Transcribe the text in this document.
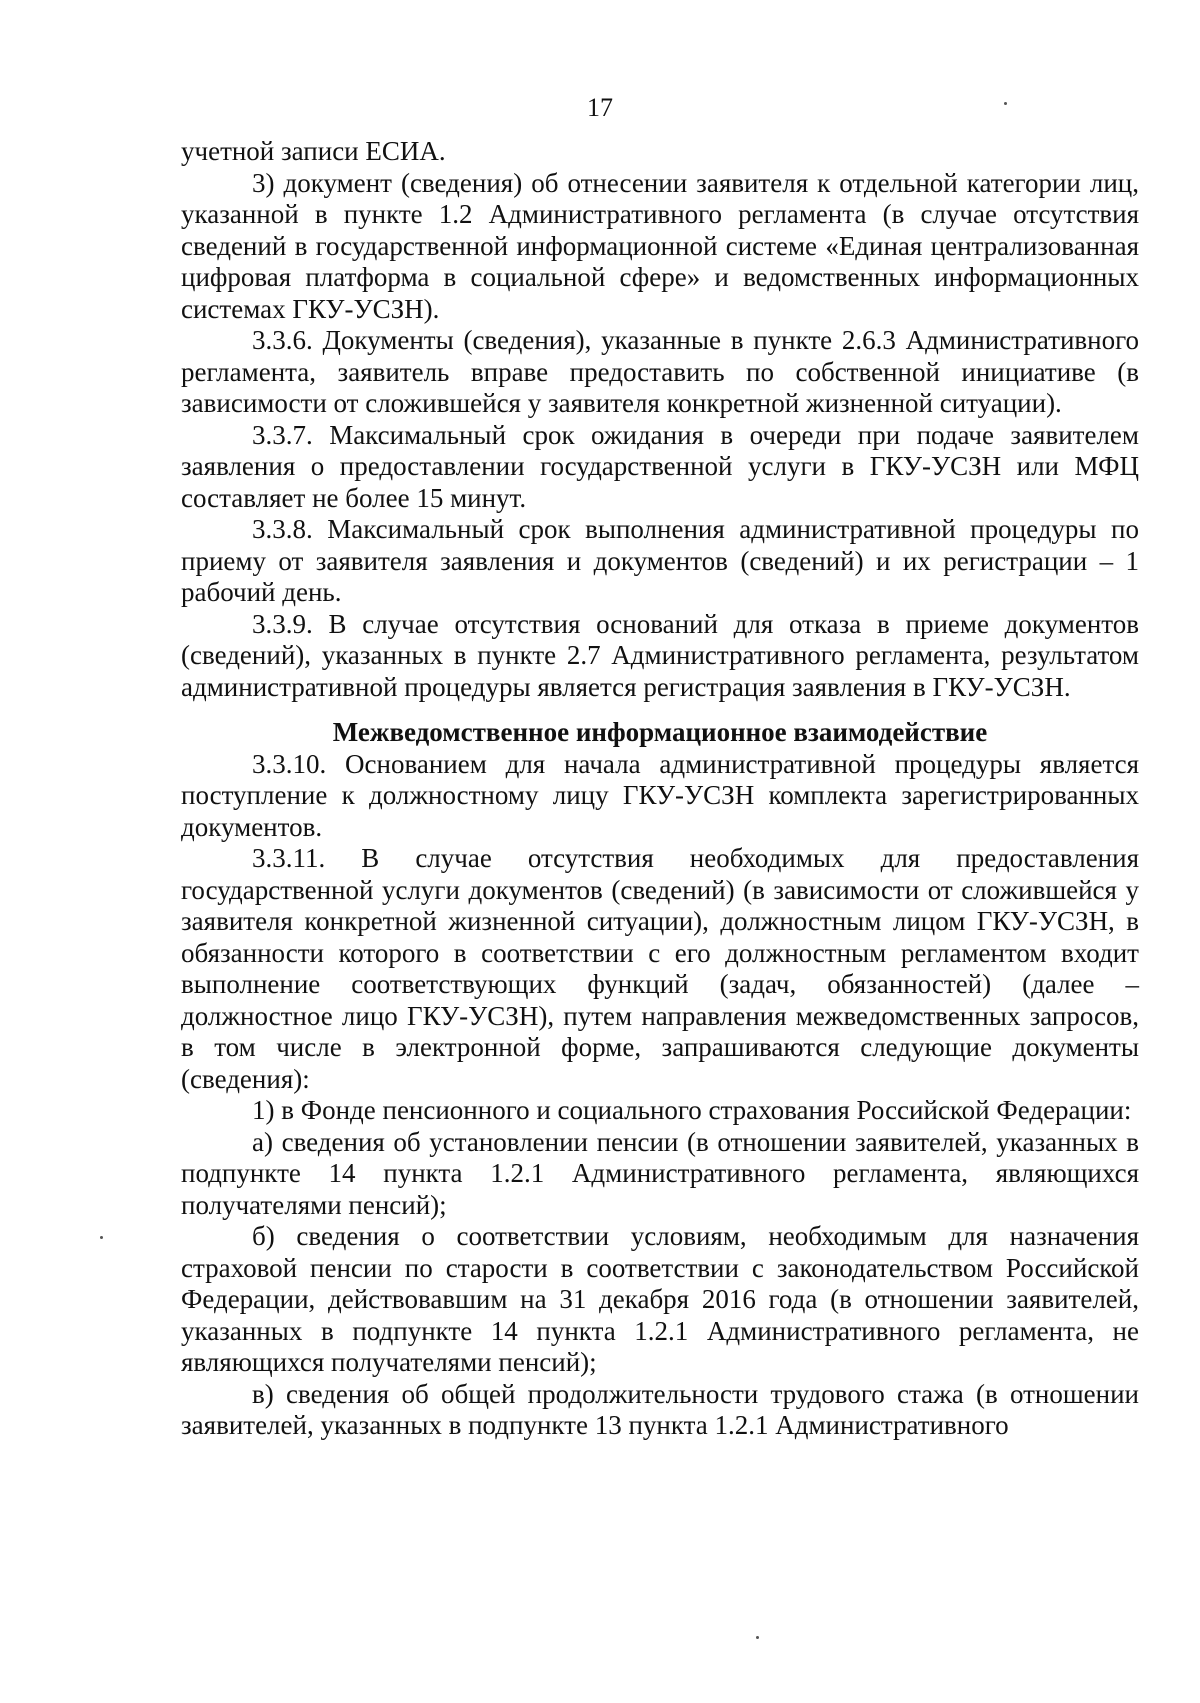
17

учетной записи ЕСИА.

3) документ (сведения) об отнесении заявителя к отдельной категории лиц, указанной в пункте 1.2 Административного регламента (в случае отсутствия сведений в государственной информационной системе «Единая централизованная цифровая платформа в социальной сфере» и ведомственных информационных системах ГКУ-УСЗН).

3.3.6. Документы (сведения), указанные в пункте 2.6.3 Административного регламента, заявитель вправе предоставить по собственной инициативе (в зависимости от сложившейся у заявителя конкретной жизненной ситуации).

3.3.7. Максимальный срок ожидания в очереди при подаче заявителем заявления о предоставлении государственной услуги в ГКУ-УСЗН или МФЦ составляет не более 15 минут.

3.3.8. Максимальный срок выполнения административной процедуры по приему от заявителя заявления и документов (сведений) и их регистрации – 1 рабочий день.

3.3.9. В случае отсутствия оснований для отказа в приеме документов (сведений), указанных в пункте 2.7 Административного регламента, результатом административной процедуры является регистрация заявления в ГКУ-УСЗН.

Межведомственное информационное взаимодействие

3.3.10. Основанием для начала административной процедуры является поступление к должностному лицу ГКУ-УСЗН комплекта зарегистрированных документов.

3.3.11. В случае отсутствия необходимых для предоставления государственной услуги документов (сведений) (в зависимости от сложившейся у заявителя конкретной жизненной ситуации), должностным лицом ГКУ-УСЗН, в обязанности которого в соответствии с его должностным регламентом входит выполнение соответствующих функций (задач, обязанностей) (далее – должностное лицо ГКУ-УСЗН), путем направления межведомственных запросов, в том числе в электронной форме, запрашиваются следующие документы (сведения):

1) в Фонде пенсионного и социального страхования Российской Федерации:

а) сведения об установлении пенсии (в отношении заявителей, указанных в подпункте 14 пункта 1.2.1 Административного регламента, являющихся получателями пенсий);

б) сведения о соответствии условиям, необходимым для назначения страховой пенсии по старости в соответствии с законодательством Российской Федерации, действовавшим на 31 декабря 2016 года (в отношении заявителей, указанных в подпункте 14 пункта 1.2.1 Административного регламента, не являющихся получателями пенсий);

в) сведения об общей продолжительности трудового стажа (в отношении заявителей, указанных в подпункте 13 пункта 1.2.1 Административного
